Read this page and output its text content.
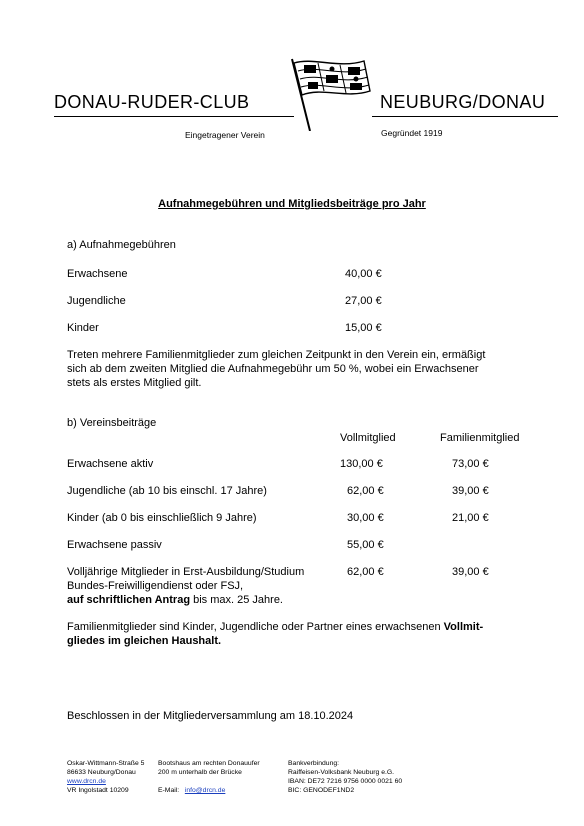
DONAU-RUDER-CLUB	NEUBURG/DONAU
Eingetragener Verein	Gegründet 1919
Aufnahmegebühren und Mitgliedsbeiträge pro Jahr
a) Aufnahmegebühren
Erwachsene	40,00 €
Jugendliche	27,00 €
Kinder	15,00 €
Treten mehrere Familienmitglieder zum gleichen Zeitpunkt in den Verein ein, ermäßigt
sich ab dem zweiten Mitglied die Aufnahmegebühr um 50 %, wobei ein Erwachsener
stets als erstes Mitglied gilt.
b) Vereinsbeiträge
Vollmitglied	Familienmitglied
Erwachsene aktiv	130,00 €	73,00 €
Jugendliche (ab 10 bis einschl. 17 Jahre)	62,00 €	39,00 €
Kinder (ab 0 bis einschließlich 9 Jahre)	30,00 €	21,00 €
Erwachsene passiv	55,00 €
Volljährige Mitglieder in Erst-Ausbildung/Studium
Bundes-Freiwilligendienst oder FSJ,
auf schriftlichen Antrag bis max. 25 Jahre.
62,00 €	39,00 €
Familienmitglieder sind Kinder, Jugendliche oder Partner eines erwachsenen Vollmit-
gliedes im gleichen Haushalt.
Beschlossen in der Mitgliederversammlung am 18.10.2024
Oskar-Wittmann-Straße 5
86633 Neuburg/Donau
www.drcn.de
VR Ingolstadt 10209
Bootshaus am rechten Donauufer
200 m unterhalb der Brücke

E-Mail: info@drcn.de
Bankverbindung:
Raiffeisen-Volksbank Neuburg e.G.
IBAN: DE72 7216 9756 0000 0021 60
BIC: GENODEF1ND2
